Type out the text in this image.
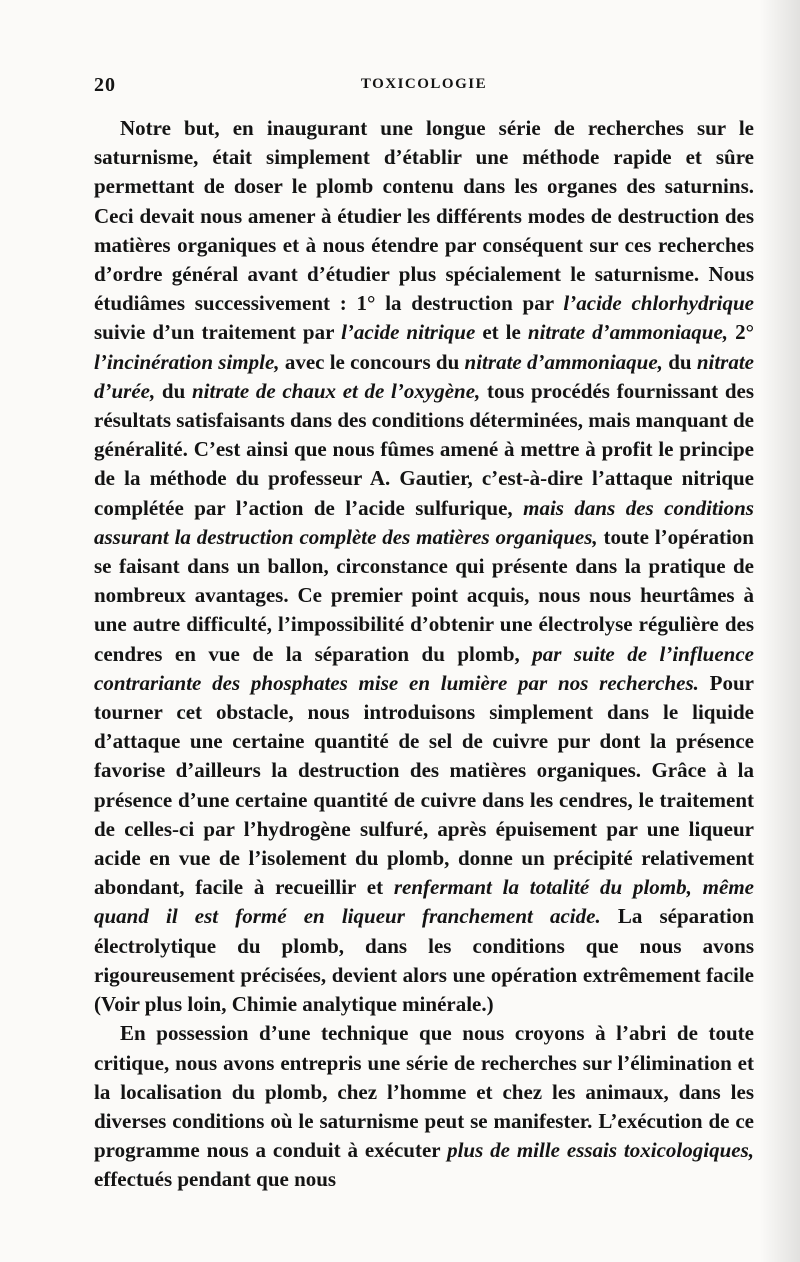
20	TOXICOLOGIE

Notre but, en inaugurant une longue série de recherches sur le saturnisme, était simplement d’établir une méthode rapide et sûre permettant de doser le plomb contenu dans les organes des saturnins. Ceci devait nous amener à étudier les différents modes de destruction des matières organiques et à nous étendre par conséquent sur ces recherches d’ordre général avant d’étudier plus spécialement le saturnisme. Nous étudiâmes successivement : 1° la destruction par l’acide chlorhydrique suivie d’un traitement par l’acide nitrique et le nitrate d’ammoniaque, 2° l’incinération simple, avec le concours du nitrate d’ammoniaque, du nitrate d’urée, du nitrate de chaux et de l’oxygène, tous procédés fournissant des résultats satisfaisants dans des conditions déterminées, mais manquant de généralité. C’est ainsi que nous fûmes amené à mettre à profit le principe de la méthode du professeur A. Gautier, c’est-à-dire l’attaque nitrique complétée par l’action de l’acide sulfurique, mais dans des conditions assurant la destruction complète des matières organiques, toute l’opération se faisant dans un ballon, circonstance qui présente dans la pratique de nombreux avantages. Ce premier point acquis, nous nous heurtâmes à une autre difficulté, l’impossibilité d’obtenir une électrolyse régulière des cendres en vue de la séparation du plomb, par suite de l’influence contrariante des phosphates mise en lumière par nos recherches. Pour tourner cet obstacle, nous introduisons simplement dans le liquide d’attaque une certaine quantité de sel de cuivre pur dont la présence favorise d’ailleurs la destruction des matières organiques. Grâce à la présence d’une certaine quantité de cuivre dans les cendres, le traitement de celles-ci par l’hydrogène sulfuré, après épuisement par une liqueur acide en vue de l’isolement du plomb, donne un précipité relativement abondant, facile à recueillir et renfermant la totalité du plomb, même quand il est formé en liqueur franchement acide. La séparation électrolytique du plomb, dans les conditions que nous avons rigoureusement précisées, devient alors une opération extrêmement facile (Voir plus loin, Chimie analytique minérale.)

En possession d’une technique que nous croyons à l’abri de toute critique, nous avons entrepris une série de recherches sur l’élimination et la localisation du plomb, chez l’homme et chez les animaux, dans les diverses conditions où le saturnisme peut se manifester. L’exécution de ce programme nous a conduit à exécuter plus de mille essais toxicologiques, effectués pendant que nous
